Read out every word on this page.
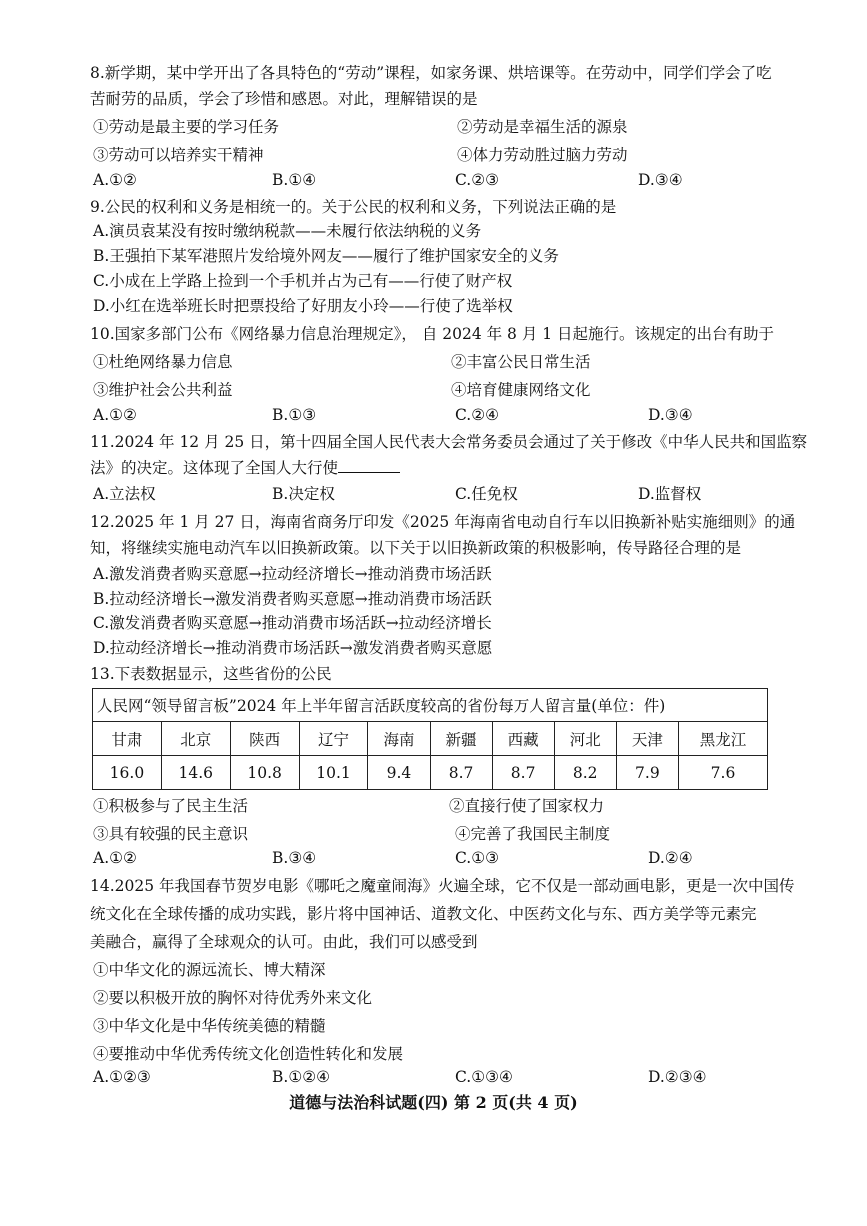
8.新学期，某中学开出了各具特色的“劳动”课程，如家务课、烘培课等。在劳动中，同学们学会了吃
苦耐劳的品质，学会了珍惜和感恩。对此，理解错误的是
①劳动是最主要的学习任务	②劳动是幸福生活的源泉
③劳动可以培养实干精神	④体力劳动胜过脑力劳动
A.①②	B.①④	C.②③	D.③④
9.公民的权利和义务是相统一的。关于公民的权利和义务，下列说法正确的是
A.演员袁某没有按时缴纳税款——未履行依法纳税的义务
B.王强拍下某军港照片发给境外网友——履行了维护国家安全的义务
C.小成在上学路上捡到一个手机并占为己有——行使了财产权
D.小红在选举班长时把票投给了好朋友小玲——行使了选举权
10.国家多部门公布《网络暴力信息治理规定》， 自 2024 年 8 月 1 日起施行。该规定的出台有助于
①杜绝网络暴力信息	②丰富公民日常生活
③维护社会公共利益	④培育健康网络文化
A.①②	B.①③	C.②④	D.③④
11.2024 年 12 月 25 日，第十四届全国人民代表大会常务委员会通过了关于修改《中华人民共和国监察
法》的决定。这体现了全国人大行使
A.立法权	B.决定权	C.任免权	D.监督权
12.2025 年 1 月 27 日，海南省商务厅印发《2025 年海南省电动自行车以旧换新补贴实施细则》的通
知，将继续实施电动汽车以旧换新政策。以下关于以旧换新政策的积极影响，传导路径合理的是
A.激发消费者购买意愿→拉动经济增长→推动消费市场活跃
B.拉动经济增长→激发消费者购买意愿→推动消费市场活跃
C.激发消费者购买意愿→推动消费市场活跃→拉动经济增长
D.拉动经济增长→推动消费市场活跃→激发消费者购买意愿
13.下表数据显示，这些省份的公民
人民网“领导留言板”2024 年上半年留言活跃度较高的省份每万人留言量(单位：件)									
甘肃	北京	陕西	辽宁	海南	新疆	西藏	河北	天津	黑龙江
16.0	14.6	10.8	10.1	9.4	8.7	8.7	8.2	7.9	7.6
①积极参与了民主生活	②直接行使了国家权力
③具有较强的民主意识	④完善了我国民主制度
A.①②	B.③④	C.①③	D.②④
14.2025 年我国春节贺岁电影《哪吒之魔童闹海》火遍全球，它不仅是一部动画电影，更是一次中国传
统文化在全球传播的成功实践，影片将中国神话、道教文化、中医药文化与东、西方美学等元素完
美融合，赢得了全球观众的认可。由此，我们可以感受到
①中华文化的源远流长、博大精深
②要以积极开放的胸怀对待优秀外来文化
③中华文化是中华传统美德的精髓
④要推动中华优秀传统文化创造性转化和发展
A.①②③	B.①②④	C.①③④	D.②③④
道德与法治科试题(四) 第 2 页(共 4 页)
